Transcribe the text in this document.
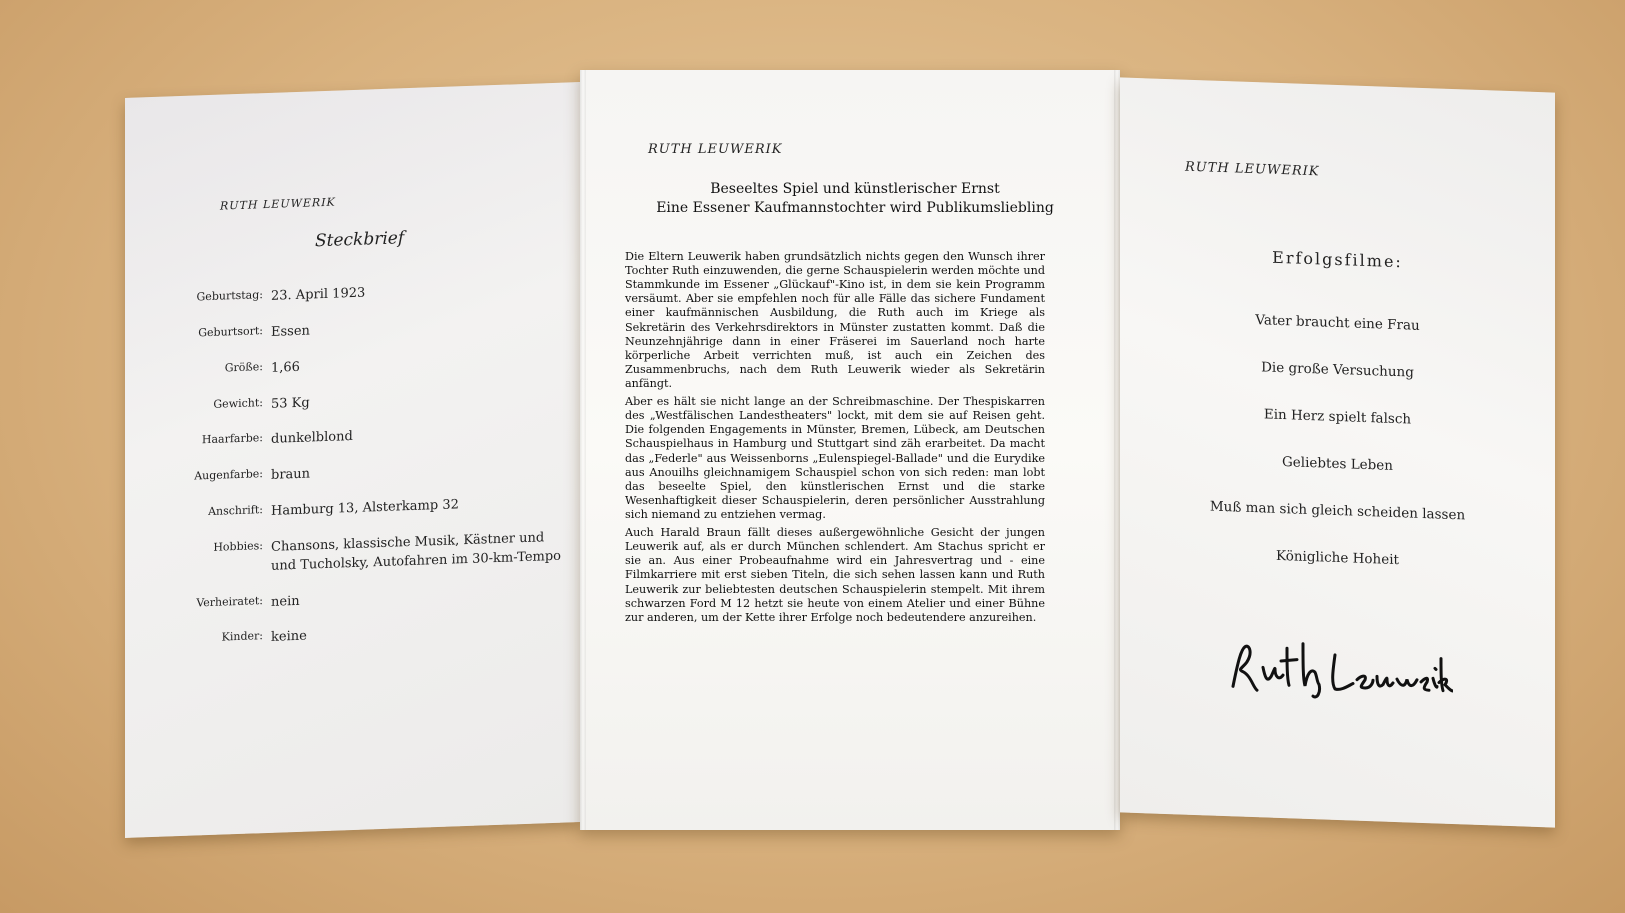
RUTH LEUWERIK
Steckbrief
Geburtstag: 23. April 1923
Geburtsort: Essen
Größe: 1,66
Gewicht: 53 Kg
Haarfarbe: dunkelblond
Augenfarbe: braun
Anschrift: Hamburg 13, Alsterkamp 32
Hobbies: Chansons, klassische Musik, Kästner und und Tucholsky, Autofahren im 30-km-Tempo
Verheiratet: nein
Kinder: keine
RUTH LEUWERIK
Beseeltes Spiel und künstlerischer Ernst
Eine Essener Kaufmannstochter wird Publikumsliebling

Die Eltern Leuwerik haben grundsätzlich nichts gegen den Wunsch ihrer Tochter Ruth einzuwenden, die gerne Schauspielerin werden möchte und Stammkunde im Essener „Glückauf"-Kino ist, in dem sie kein Programm versäumt. Aber sie empfehlen noch für alle Fälle das sichere Fundament einer kaufmännischen Ausbildung, die Ruth auch im Kriege als Sekretärin des Verkehrsdirektors in Münster zustatten kommt. Daß die Neunzehnjährige dann in einer Fräserei im Sauerland noch harte körperliche Arbeit verrichten muß, ist auch ein Zeichen des Zusammenbruchs, nach dem Ruth Leuwerik wieder als Sekretärin anfängt.

Aber es hält sie nicht lange an der Schreibmaschine. Der Thespiskarren des „Westfälischen Landestheaters" lockt, mit dem sie auf Reisen geht. Die folgenden Engagements in Münster, Bremen, Lübeck, am Deutschen Schauspielhaus in Hamburg und Stuttgart sind zäh erarbeitet. Da macht das „Federle" aus Weissenborns „Eulenspiegel-Ballade" und die Eurydike aus Anouilhs gleichnamigem Schauspiel schon von sich reden: man lobt das beseelte Spiel, den künstlerischen Ernst und die starke Wesenhaftigkeit dieser Schauspielerin, deren persönlicher Ausstrahlung sich niemand zu entziehen vermag.

Auch Harald Braun fällt dieses außergewöhnliche Gesicht der jungen Leuwerik auf, als er durch München schlendert. Am Stachus spricht er sie an. Aus einer Probeaufnahme wird ein Jahresvertrag und - eine Filmkarriere mit erst sieben Titeln, die sich sehen lassen kann und Ruth Leuwerik zur beliebtesten deutschen Schauspielerin stempelt. Mit ihrem schwarzen Ford M 12 hetzt sie heute von einem Atelier und einer Bühne zur anderen, um der Kette ihrer Erfolge noch bedeutendere anzureihen.

RUTH LEUWERIK
Erfolgsfilme:
Vater braucht eine Frau
Die große Versuchung
Ein Herz spielt falsch
Geliebtes Leben
Muß man sich gleich scheiden lassen
Königliche Hoheit
